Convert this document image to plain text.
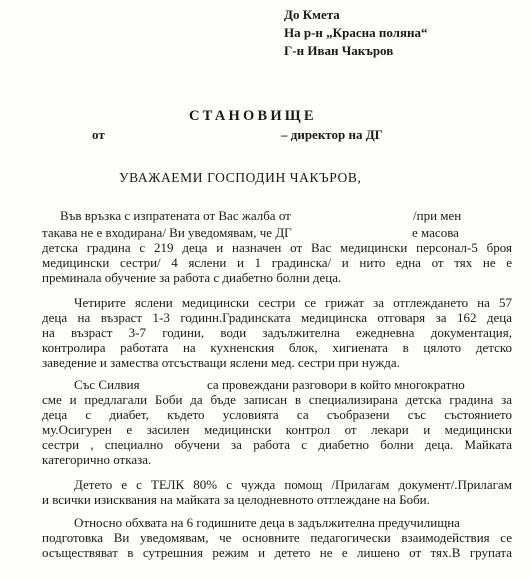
До Кмета
На р-н „Красна поляна“
Г-н Иван Чакъров
СТАНОВИЩЕ
от	– директор на ДГ
УВАЖАЕМИ ГОСПОДИН ЧАКЪРОВ,
Във връзка с изпратената от Вас жалба от	/при мен
такава не е входирана/ Ви уведомявам, че ДГ	е масова
детска градина с 219 деца и назначен от Вас медицински персонал-5 броя
медицински сестри/ 4 яслени и 1 градинска/ и нито една от тях не е
преминала обучение за работа с диабетно болни деца.
Четирите яслени медицински сестри се грижат за отглеждането на 57
деца на възраст 1-3 годинн.Градинската медицинска отговаря за 162 деца
на възраст 3-7 години, води задължителна ежедневна документация,
контролира работата на кухненския блок, хигиената в цялото детско
заведение и замества отсъстващи яслени мед. сестри при нужда.
Със Силвия	са провеждани разговори в който многократно
сме и предлагали Боби да бъде записан в специализирана детска градина за
деца с диабет, където условията са съобразени със състоянието
му.Осигурен е засилен медицински контрол от лекари и медицински
сестри , специално обучени за работа с диабетно болни деца. Майката
категорично отказа.
Детето е с ТЕЛК 80% с чужда помощ /Прилагам документ/.Прилагам
и всички изисквания на майката за целодневното отглеждане на Боби.
Относно обхвата на 6 годишните деца в задължителна предучилищна
подготовка Ви уведомявам, че основните педагогически взаимодействия се
осъществяват в сутрешния режим и детето не е лишено от тях.В групата
